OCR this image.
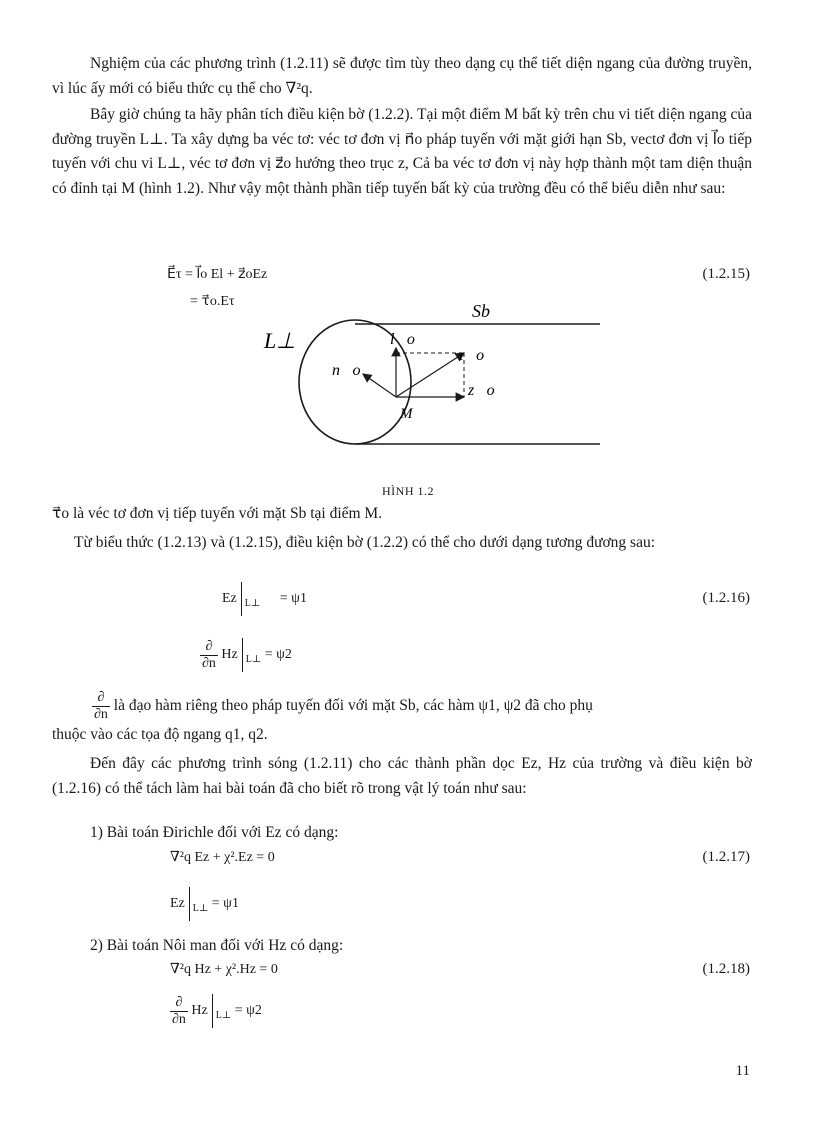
Nghiệm của các phương trình (1.2.11) sẽ được tìm tùy theo dạng cụ thể tiết diện ngang của đường truyền, vì lúc ấy mới có biểu thức cụ thể cho ∇²q.
Bây giờ chúng ta hãy phân tích điều kiện bờ (1.2.2). Tại một điểm M bất kỳ trên chu vi tiết diện ngang của đường truyền L⊥. Ta xây dựng ba véc tơ: véc tơ đơn vị n⃗o pháp tuyến với mặt giới hạn Sb, vectơ đơn vị l⃗o tiếp tuyến với chu vi L⊥, véc tơ đơn vị z⃗o hướng theo trục z, Cả ba véc tơ đơn vị này hợp thành một tam diện thuận có đỉnh tại M (hình 1.2). Như vậy một thành phần tiếp tuyến bất kỳ của trường đều có thể biểu diễn như sau:
E⃗τ = l⃗o El + z⃗oEz
= τ⃗o.Eτ
(1.2.15)
L⊥
Sb
n⃗o
l⃗o
τ⃗o
z⃗o
M
HÌNH 1.2
τ⃗o là véc tơ đơn vị tiếp tuyến với mặt Sb tại điểm M.
Từ biểu thức (1.2.13) và (1.2.15), điều kiện bờ (1.2.2) có thể cho dưới dạng tương đương sau:
Ez $_{L\perp}$ = ψ1	(1.2.16)
$\frac{\partial}{\partial n}$ Hz $_{L\perp}$ = ψ2
$\frac{\partial}{\partial n}$ là đạo hàm riêng theo pháp tuyến đối với mặt Sb, các hàm ψ1, ψ2 đã cho phụ
thuộc vào các tọa độ ngang q1, q2.
Đến đây các phương trình sóng (1.2.11) cho các thành phần dọc Ez, Hz của trường và điều kiện bờ (1.2.16) có thể tách làm hai bài toán đã cho biết rõ trong vật lý toán như sau:
1) Bài toán Đirichle đối với Ez có dạng:
∇²q Ez + χ².Ez = 0	(1.2.17)
Ez $_{L\perp}$ = ψ1
2) Bài toán Nôi man đối với Hz có dạng:
∇²q Hz + χ².Hz = 0	(1.2.18)
$\frac{\partial}{\partial n}$ Hz $_{L\perp}$ = ψ2
11
